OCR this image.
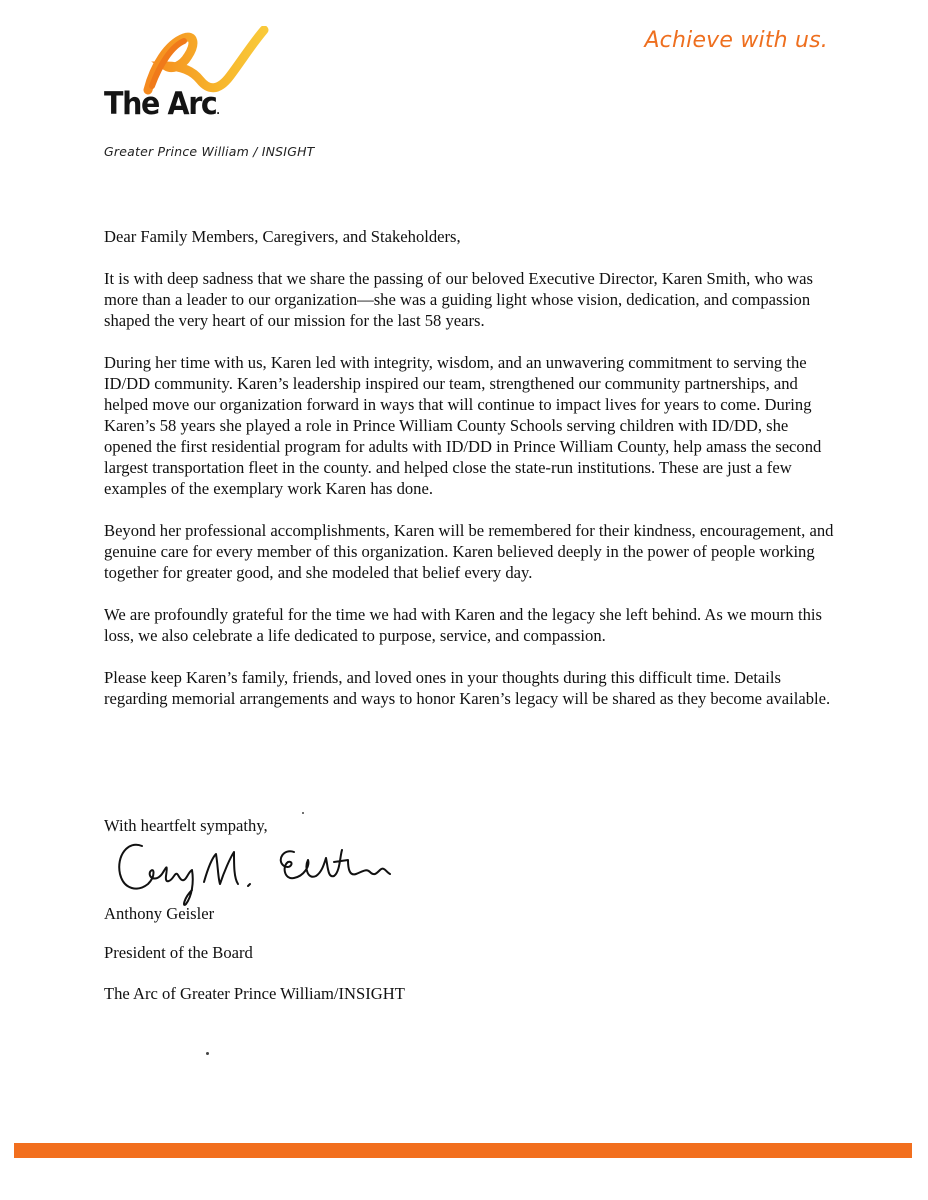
The Arc.
Greater Prince William / INSIGHT
Achieve with us.

Dear Family Members, Caregivers, and Stakeholders,

It is with deep sadness that we share the passing of our beloved Executive Director, Karen Smith, who was more than a leader to our organization—she was a guiding light whose vision, dedication, and compassion shaped the very heart of our mission for the last 58 years.

During her time with us, Karen led with integrity, wisdom, and an unwavering commitment to serving the ID/DD community. Karen’s leadership inspired our team, strengthened our community partnerships, and helped move our organization forward in ways that will continue to impact lives for years to come. During Karen’s 58 years she played a role in Prince William County Schools serving children with ID/DD, she opened the first residential program for adults with ID/DD in Prince William County, help amass the second largest transportation fleet in the county. and helped close the state-run institutions. These are just a few examples of the exemplary work Karen has done.

Beyond her professional accomplishments, Karen will be remembered for their kindness, encouragement, and genuine care for every member of this organization. Karen believed deeply in the power of people working together for greater good, and she modeled that belief every day.

We are profoundly grateful for the time we had with Karen and the legacy she left behind. As we mourn this loss, we also celebrate a life dedicated to purpose, service, and compassion.

Please keep Karen’s family, friends, and loved ones in your thoughts during this difficult time. Details regarding memorial arrangements and ways to honor Karen’s legacy will be shared as they become available.

With heartfelt sympathy,
Anthony Geisler
President of the Board
The Arc of Greater Prince William/INSIGHT
